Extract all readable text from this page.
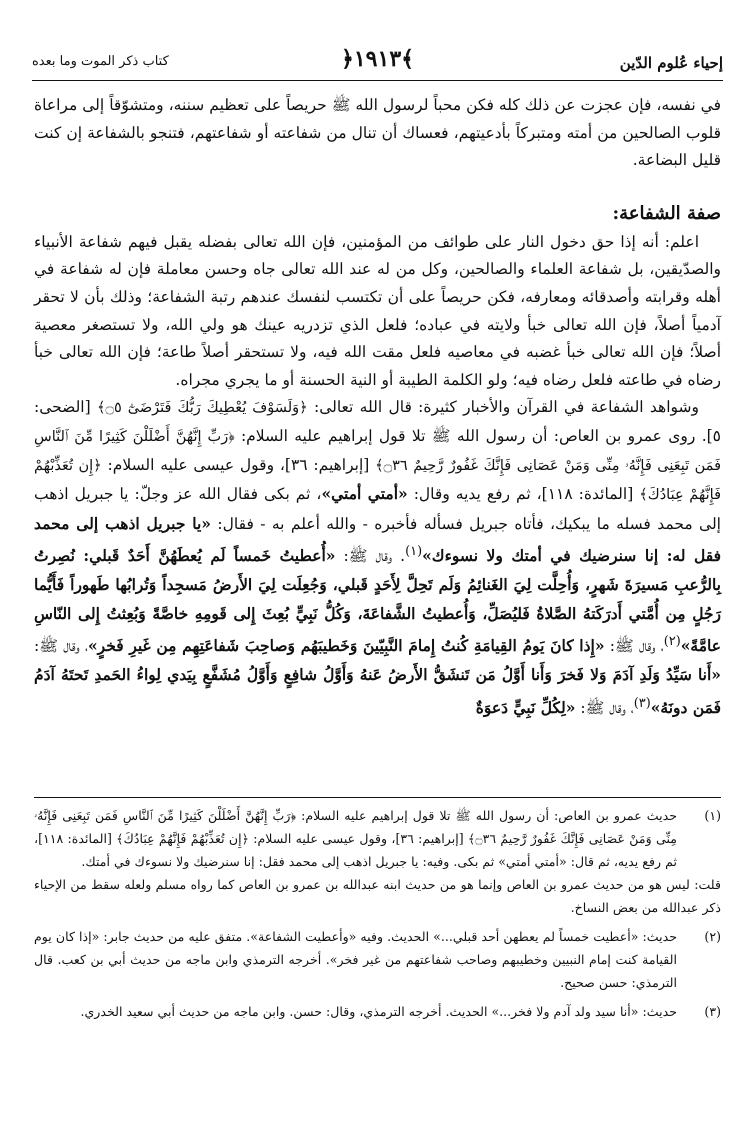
إحياء عُلوم الدّين
﴾١٩١٣﴿
كتاب ذكر الموت وما بعده

في نفسه، فإن عجزت عن ذلك كله فكن محباً لرسول الله ﷺ حريصاً على تعظيم سننه، ومتشوّقاً إلى مراعاة قلوب الصالحين من أمته ومتبركاً بأدعيتهم، فعساك أن تنال من شفاعته أو شفاعتهم، فتنجو بالشفاعة إن كنت قليل البضاعة.

صفة الشفاعة:

اعلم: أنه إذا حق دخول النار على طوائف من المؤمنين، فإن الله تعالى بفضله يقبل فيهم شفاعة الأنبياء والصدّيقين، بل شفاعة العلماء والصالحين، وكل من له عند الله تعالى جاه وحسن معاملة فإن له شفاعة في أهله وقرابته وأصدقائه ومعارفه، فكن حريصاً على أن تكتسب لنفسك عندهم رتبة الشفاعة؛ وذلك بأن لا تحقر آدمياً أصلاً، فإن الله تعالى خبأ ولايته في عباده؛ فلعل الذي تزدريه عينك هو ولي الله، ولا تستصغر معصية أصلاً؛ فإن الله تعالى خبأ غضبه في معاصيه فلعل مقت الله فيه، ولا تستحقر أصلاً طاعة؛ فإن الله تعالى خبأ رضاه في طاعته فلعل رضاه فيه؛ ولو الكلمة الطيبة أو النية الحسنة أو ما يجري مجراه.

وشواهد الشفاعة في القرآن والأخبار كثيرة: قال الله تعالى: ﴿وَلَسَوْفَ يُعْطِيكَ رَبُّكَ فَتَرْضَىٰٓ ۝٥﴾ [الضحى: ٥]. روى عمرو بن العاص: أن رسول الله ﷺ تلا قول إبراهيم عليه السلام: ﴿رَبِّ إِنَّهُنَّ أَضْلَلْنَ كَثِيرًا مِّنَ ٱلنَّاسِ فَمَن تَبِعَنِى فَإِنَّهُۥ مِنِّى وَمَنْ عَصَانِى فَإِنَّكَ غَفُورٌ رَّحِيمٌ ۝٣٦﴾ [إبراهيم: ٣٦]، وقول عيسى عليه السلام: ﴿إِن تُعَذِّبْهُمْ فَإِنَّهُمْ عِبَادُكَ﴾ [المائدة: ١١٨]، ثم رفع يديه وقال: «أمتي أمتي»، ثم بكى فقال الله عز وجلّ: يا جبريل اذهب إلى محمد فسله ما يبكيك، فأتاه جبريل فسأله فأخبره - والله أعلم به - فقال: «يا جبريل اذهب إلى محمد فقل له: إنا سنرضيك في أمتك ولا نسوءك»$^{(١)}$. وقال ﷺ: «أُعطيتُ خَمساً لَم يُعطَهُنَّ أَحَدٌ قَبلي: نُصِرتُ بِالرُّعبِ مَسيرَةَ شَهرٍ، وَأُحِلَّت لِيَ الغَنائِمُ وَلَم تَحِلَّ لِأَحَدٍ قَبلي، وَجُعِلَت لِيَ الأَرضُ مَسجِداً وَتُرابُها طَهوراً فَأَيُّما رَجُلٍ مِن أُمَّتي أَدرَكَتهُ الصَّلاةُ فَليُصَلِّ، وَأُعطيتُ الشَّفاعَةَ، وَكُلُّ نَبِيٍّ بُعِثَ إِلى قَومِهِ خاصَّةً وَبُعِثتُ إِلى النّاسِ عامَّةً»$^{(٢)}$، وقال ﷺ: «إِذا كانَ يَومُ القِيامَةِ كُنتُ إِمامَ النَّبِيّينَ وَخَطيبَهُم وَصاحِبَ شَفاعَتِهِم مِن غَيرِ فَخرٍ»، وقال ﷺ: «أَنا سَيِّدُ وَلَدِ آدَمَ وَلا فَخرَ وَأَنا أَوَّلُ مَن تَنشَقُّ الأَرضُ عَنهُ وَأَوَّلُ شافِعٍ وَأَوَّلُ مُشَفَّعٍ بِيَدي لِواءُ الحَمدِ تَحتَهُ آدَمُ فَمَن دونَهُ»$^{(٣)}$، وقال ﷺ: «لِكُلِّ نَبِيٍّ دَعوَةٌ

(١)
حديث عمرو بن العاص: أن رسول الله ﷺ تلا قول إبراهيم عليه السلام: ﴿رَبِّ إِنَّهُنَّ أَضْلَلْنَ كَثِيرًا مِّنَ ٱلنَّاسِ فَمَن تَبِعَنِى فَإِنَّهُۥ مِنِّى وَمَنْ عَصَانِى فَإِنَّكَ غَفُورٌ رَّحِيمٌ ۝٣٦﴾ [إبراهيم: ٣٦]، وقول عيسى عليه السلام: ﴿إِن تُعَذِّبْهُمْ فَإِنَّهُمْ عِبَادُكَ﴾ [المائدة: ١١٨]، ثم رفع يديه، ثم قال: «أمتي أمتي» ثم بكى. وفيه: يا جبريل اذهب إلى محمد فقل: إنا سنرضيك ولا نسوءك في أمتك.

قلت: ليس هو من حديث عمرو بن العاص وإنما هو من حديث ابنه عبدالله بن عمرو بن العاص كما رواه مسلم ولعله سقط من الإحياء ذكر عبدالله من بعض النساخ.

(٢)
حديث: «أعطيت خمساً لم يعطهن أحد قبلي...» الحديث. وفيه «وأعطيت الشفاعة». متفق عليه من حديث جابر: «إذا كان يوم القيامة كنت إمام النبيين وخطيبهم وصاحب شفاعتهم من غير فخر». أخرجه الترمذي وابن ماجه من حديث أبي بن كعب. قال الترمذي: حسن صحيح.
(٣)
حديث: «أنا سيد ولد آدم ولا فخر...» الحديث. أخرجه الترمذي، وقال: حسن. وابن ماجه من حديث أبي سعيد الخدري.
